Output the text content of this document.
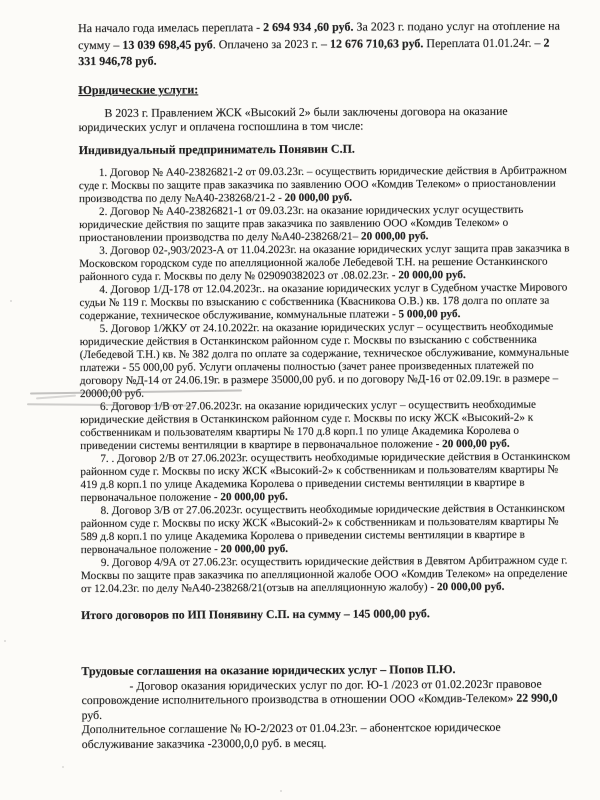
На начало года имелась переплата - 2 694 934 ,60 руб. За 2023 г. подано услуг на отопление на сумму – 13 039 698,45 руб. Оплачено за 2023 г. – 12 676 710,63 руб. Переплата 01.01.24г. – 2 331 946,78 руб.

Юридические услуги:

В 2023 г. Правлением ЖСК «Высокий 2» были заключены договора на оказание юридических услуг и оплачена госпошлина в том числе:

Индивидуальный предприниматель Понявин С.П.

1. Договор № А40-23826821-2 от 09.03.23г. – осуществить юридические действия в Арбитражном суде г. Москвы по защите прав заказчика по заявлению ООО «Комдив Телеком» о приостановлении производства по делу №А40-238268/21-2 - 20 000,00 руб.

2. Договор № А40-23826821-1 от 09.03.23г. на оказание юридических услуг осуществить юридические действия по защите прав заказчика по заявлению ООО «Комдив Телеком» о приостановлении производства по делу №А40-238268/21– 20 000,00 руб.

3. Договор 02-,903/2023-А от 11.04.2023г. на оказание юридических услуг защита прав заказчика в Московском городском суде по апелляционной жалобе Лебедевой Т.Н. на решение Останкинского районного суда г. Москвы по делу № 029090382023 от .08.02.23г. - 20 000,00 руб.

4. Договор 1/Д-178 от 12.04.2023г.. на оказание юридических услуг в Судебном участке Мирового судьи № 119 г. Москвы по взысканию с собственника (Квасникова О.В.) кв. 178 долга по оплате за содержание, техническое обслуживание, коммунальные платежи - 5 000,00 руб.

5. Договор 1/ЖКУ от 24.10.2022г. на оказание юридических услуг – осуществить необходимые юридические действия в Останкинском районном суде г. Москвы по взысканию с собственника (Лебедевой Т.Н.) кв. № 382 долга по оплате за содержание, техническое обслуживание, коммунальные платежи - 55 000,00 руб. Услуги оплачены полностью (зачет ранее произведенных платежей по договору №Д-14 от 24.06.19г. в размере 35000,00 руб. и по договору №Д-16 от 02.09.19г. в размере – 20000,00 руб.

6. Договор 1/В от 27.06.2023г. на оказание юридических услуг – осуществить необходимые юридические действия в Останкинском районном суде г. Москвы по иску ЖСК «Высокий-2» к собственникам и пользователям квартиры № 170 д.8 корп.1 по улице Академика Королева о приведении системы вентиляции в квартире в первоначальное положение - 20 000,00 руб.

7. . Договор 2/В от 27.06.2023г. осуществить необходимые юридические действия в Останкинском районном суде г. Москвы по иску ЖСК «Высокий-2» к собственникам и пользователям квартиры № 419 д.8 корп.1 по улице Академика Королева о приведении системы вентиляции в квартире в первоначальное положение - 20 000,00 руб.

8. Договор 3/В от 27.06.2023г. осуществить необходимые юридические действия в Останкинском районном суде г. Москвы по иску ЖСК «Высокий-2» к собственникам и пользователям квартиры № 589 д.8 корп.1 по улице Академика Королева о приведении системы вентиляции в квартире в первоначальное положение - 20 000,00 руб.

9. Договор 4/9А от 27.06.23г. осуществить юридические действия в Девятом Арбитражном суде г. Москвы по защите прав заказчика по апелляционной жалобе ООО «Комдив Телеком» на определение от 12.04.23г. по делу №А40-238268/21(отзыв на апелляционную жалобу) - 20 000,00 руб.

Итого договоров по ИП Понявину С.П. на сумму – 145 000,00 руб.

Трудовые соглашения на оказание юридических услуг – Попов П.Ю.

- Договор оказания юридических услуг по дог. Ю-1 /2023 от 01.02.2023г правовое сопровождение исполнительного производства в отношении ООО «Комдив-Телеком» 22 990,0 руб.

Дополнительное соглашение № Ю-2/2023 от 01.04.23г. – абонентское юридическое обслуживание заказчика -23000,0,0 руб. в месяц.
